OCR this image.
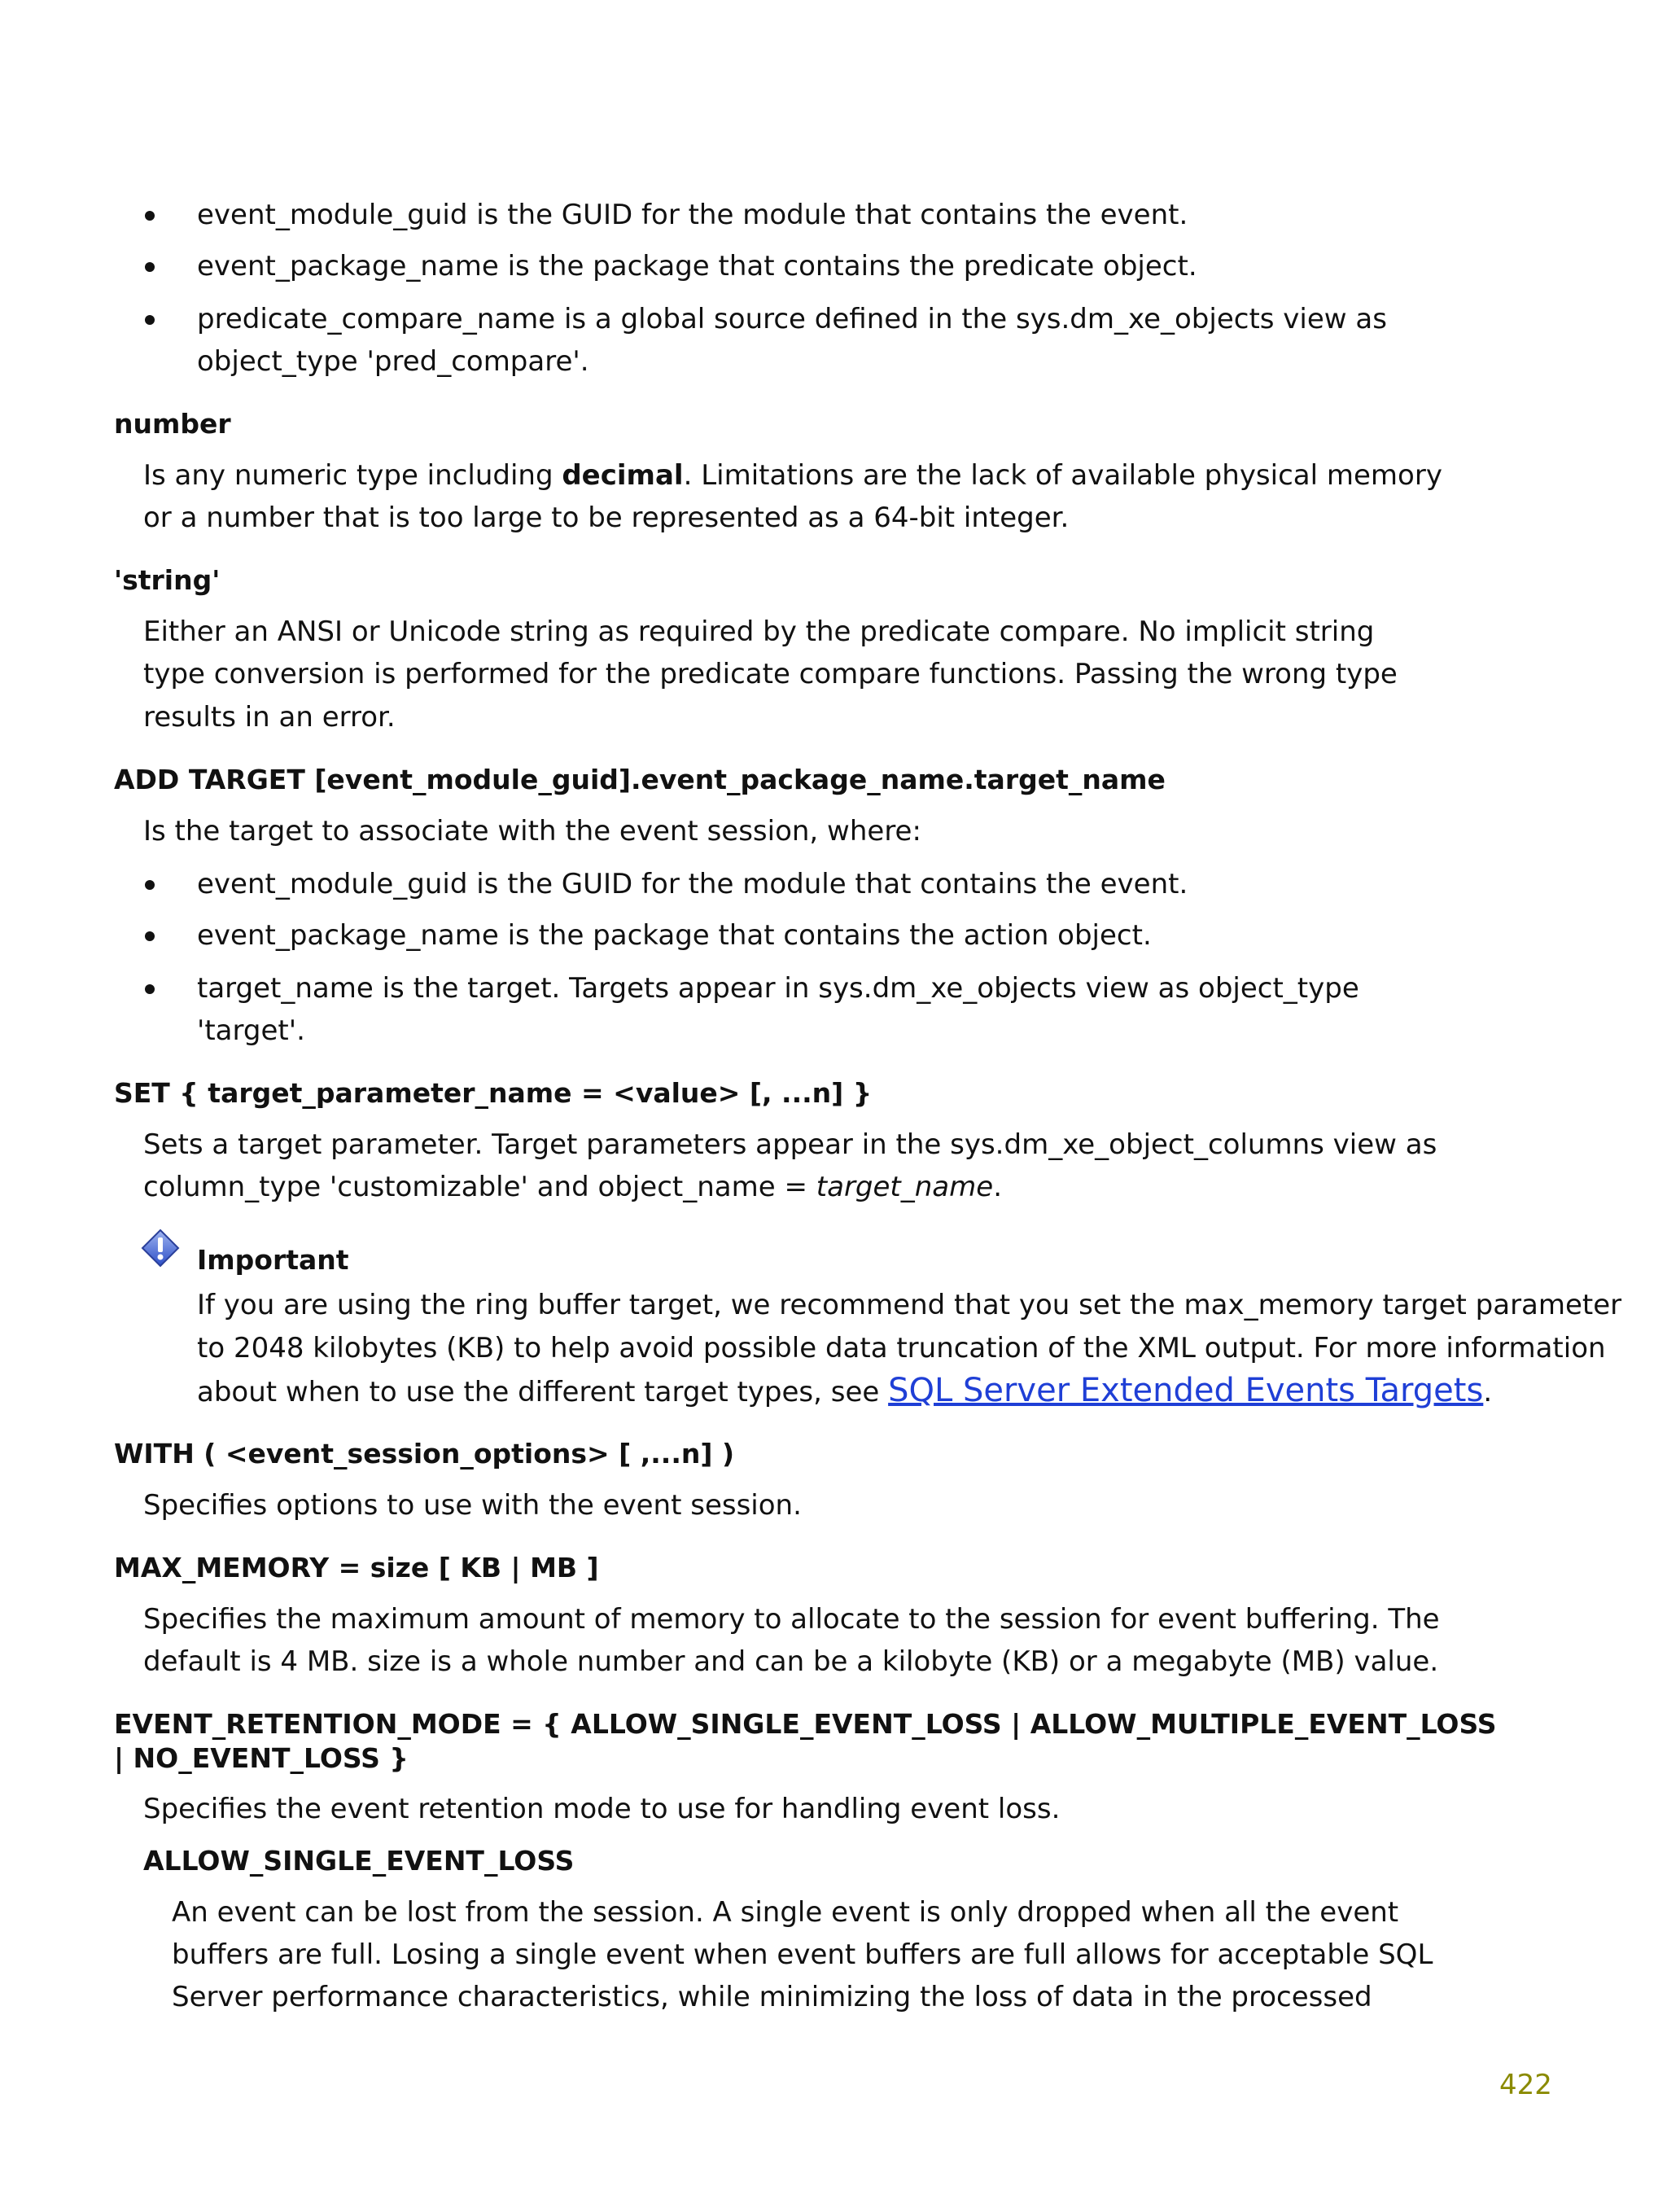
event_module_guid is the GUID for the module that contains the event.
event_package_name is the package that contains the predicate object.
predicate_compare_name is a global source defined in the sys.dm_xe_objects view as
object_type 'pred_compare'.
number
Is any numeric type including decimal. Limitations are the lack of available physical memory
or a number that is too large to be represented as a 64-bit integer.
'string'
Either an ANSI or Unicode string as required by the predicate compare. No implicit string
type conversion is performed for the predicate compare functions. Passing the wrong type
results in an error.
ADD TARGET [event_module_guid].event_package_name.target_name
Is the target to associate with the event session, where:
event_module_guid is the GUID for the module that contains the event.
event_package_name is the package that contains the action object.
target_name is the target. Targets appear in sys.dm_xe_objects view as object_type
'target'.
SET { target_parameter_name = <value> [, ...n] }
Sets a target parameter. Target parameters appear in the sys.dm_xe_object_columns view as
column_type 'customizable' and object_name = target_name.
Important
If you are using the ring buffer target, we recommend that you set the max_memory target parameter
to 2048 kilobytes (KB) to help avoid possible data truncation of the XML output. For more information
about when to use the different target types, see SQL Server Extended Events Targets.
WITH ( <event_session_options> [ ,...n] )
Specifies options to use with the event session.
MAX_MEMORY = size [ KB | MB ]
Specifies the maximum amount of memory to allocate to the session for event buffering. The
default is 4 MB. size is a whole number and can be a kilobyte (KB) or a megabyte (MB) value.
EVENT_RETENTION_MODE = { ALLOW_SINGLE_EVENT_LOSS | ALLOW_MULTIPLE_EVENT_LOSS
| NO_EVENT_LOSS }
Specifies the event retention mode to use for handling event loss.
ALLOW_SINGLE_EVENT_LOSS
An event can be lost from the session. A single event is only dropped when all the event
buffers are full. Losing a single event when event buffers are full allows for acceptable SQL
Server performance characteristics, while minimizing the loss of data in the processed
422
